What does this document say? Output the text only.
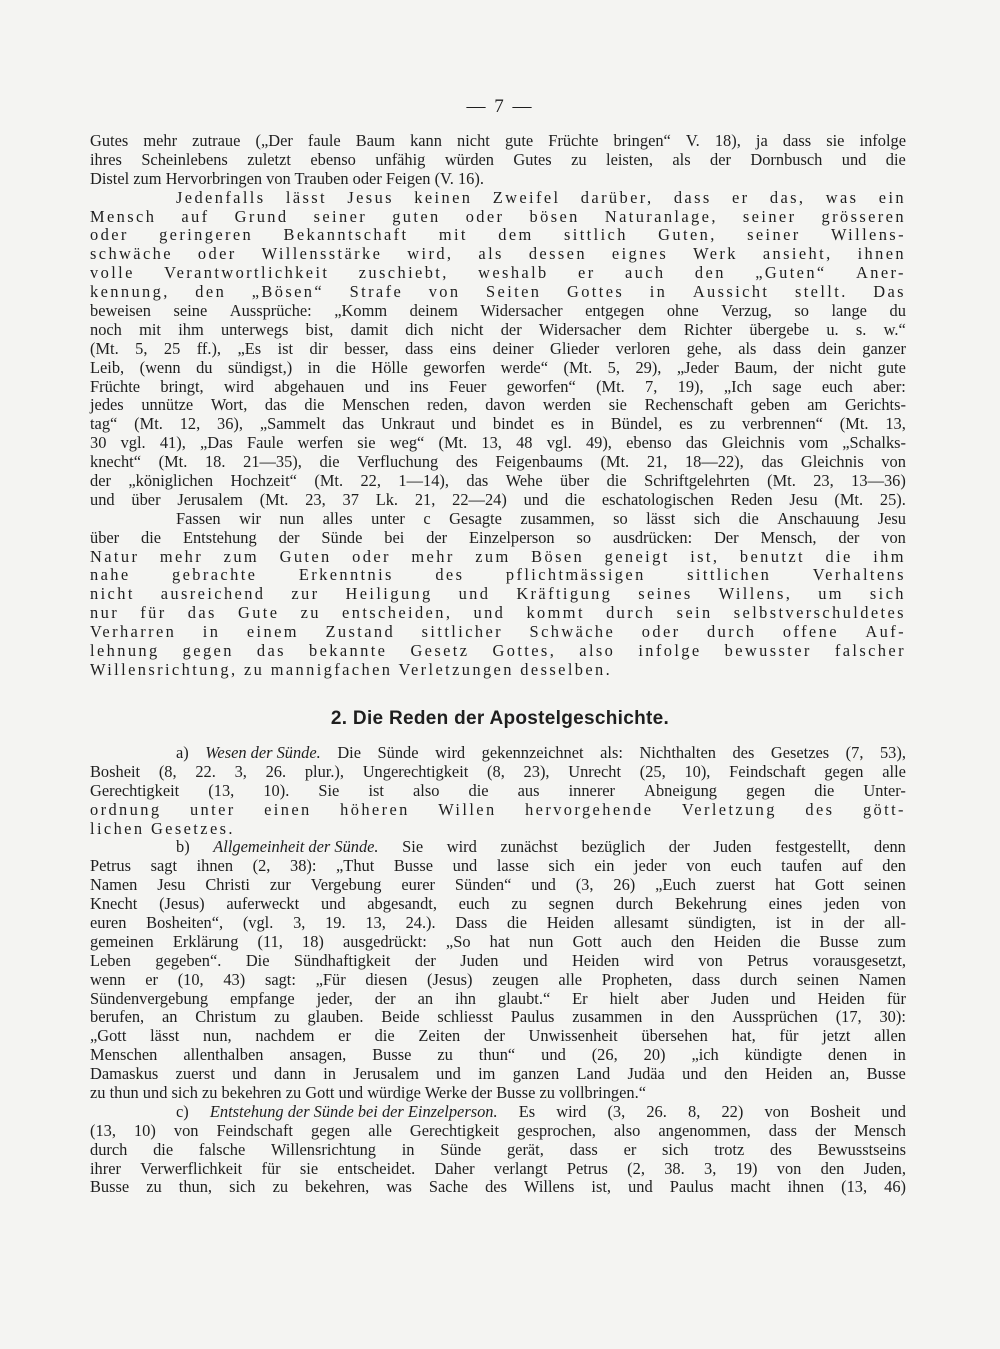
— 7 —
Gutes mehr zutraue („Der faule Baum kann nicht gute Früchte bringen“ V. 18), ja dass sie infolge
ihres Scheinlebens zuletzt ebenso unfähig würden Gutes zu leisten, als der Dornbusch und die
Distel zum Hervorbringen von Trauben oder Feigen (V. 16).
Jedenfalls lässt Jesus keinen Zweifel darüber, dass er das, was ein
Mensch auf Grund seiner guten oder bösen Naturanlage, seiner grösseren
oder geringeren Bekanntschaft mit dem sittlich Guten, seiner Willens-
schwäche oder Willensstärke wird, als dessen eignes Werk ansieht, ihnen
volle Verantwortlichkeit zuschiebt, weshalb er auch den „Guten“ Aner-
kennung, den „Bösen“ Strafe von Seiten Gottes in Aussicht stellt. Das
beweisen seine Aussprüche: „Komm deinem Widersacher entgegen ohne Verzug, so lange du
noch mit ihm unterwegs bist, damit dich nicht der Widersacher dem Richter übergebe u. s. w.“
(Mt. 5, 25 ff.), „Es ist dir besser, dass eins deiner Glieder verloren gehe, als dass dein ganzer
Leib, (wenn du sündigst,) in die Hölle geworfen werde“ (Mt. 5, 29), „Jeder Baum, der nicht gute
Früchte bringt, wird abgehauen und ins Feuer geworfen“ (Mt. 7, 19), „Ich sage euch aber:
jedes unnütze Wort, das die Menschen reden, davon werden sie Rechenschaft geben am Gerichts-
tag“ (Mt. 12, 36), „Sammelt das Unkraut und bindet es in Bündel, es zu verbrennen“ (Mt. 13,
30 vgl. 41), „Das Faule werfen sie weg“ (Mt. 13, 48 vgl. 49), ebenso das Gleichnis vom „Schalks-
knecht“ (Mt. 18. 21—35), die Verfluchung des Feigenbaums (Mt. 21, 18—22), das Gleichnis von
der „königlichen Hochzeit“ (Mt. 22, 1—14), das Wehe über die Schriftgelehrten (Mt. 23, 13—36)
und über Jerusalem (Mt. 23, 37 Lk. 21, 22—24) und die eschatologischen Reden Jesu (Mt. 25).
Fassen wir nun alles unter c Gesagte zusammen, so lässt sich die Anschauung Jesu
über die Entstehung der Sünde bei der Einzelperson so ausdrücken: Der Mensch, der von
Natur mehr zum Guten oder mehr zum Bösen geneigt ist, benutzt die ihm
nahe	gebrachte	Erkenntnis	des	pflichtmässigen	sittlichen	Verhaltens
nicht ausreichend zur Heiligung und Kräftigung seines Willens, um sich
nur für das Gute zu entscheiden, und kommt durch sein selbstverschuldetes
Verharren in einem Zustand sittlicher Schwäche oder durch offene Auf-
lehnung gegen das bekannte Gesetz Gottes, also infolge bewusster falscher
Willensrichtung, zu mannigfachen Verletzungen desselben.
2. Die Reden der Apostelgeschichte.
a) Wesen der Sünde. Die Sünde wird gekennzeichnet als: Nichthalten des Gesetzes (7, 53),
Bosheit (8, 22. 3, 26. plur.), Ungerechtigkeit (8, 23), Unrecht (25, 10), Feindschaft gegen alle
Gerechtigkeit (13, 10). Sie ist also die aus innerer Abneigung gegen die Unter-
ordnung unter einen höheren Willen hervorgehende Verletzung des gött-
lichen Gesetzes.
b) Allgemeinheit der Sünde. Sie wird zunächst bezüglich der Juden festgestellt, denn
Petrus sagt ihnen (2, 38): „Thut Busse und lasse sich ein jeder von euch taufen auf den
Namen Jesu Christi zur Vergebung eurer Sünden“ und (3, 26) „Euch zuerst hat Gott seinen
Knecht (Jesus) auferweckt und abgesandt, euch zu segnen durch Bekehrung eines jeden von
euren Bosheiten“, (vgl. 3, 19. 13, 24.). Dass die Heiden allesamt sündigten, ist in der all-
gemeinen Erklärung (11, 18) ausgedrückt: „So hat nun Gott auch den Heiden die Busse zum
Leben gegeben“. Die Sündhaftigkeit der Juden und Heiden wird von Petrus vorausgesetzt,
wenn er (10, 43) sagt: „Für diesen (Jesus) zeugen alle Propheten, dass durch seinen Namen
Sündenvergebung empfange jeder, der an ihn glaubt.“ Er hielt aber Juden und Heiden für
berufen, an Christum zu glauben. Beide schliesst Paulus zusammen in den Aussprüchen (17, 30):
„Gott lässt nun, nachdem er die Zeiten der Unwissenheit übersehen hat, für jetzt allen
Menschen allenthalben ansagen, Busse zu thun“ und (26, 20) „ich kündigte denen in
Damaskus zuerst und dann in Jerusalem und im ganzen Land Judäa und den Heiden an, Busse
zu thun und sich zu bekehren zu Gott und würdige Werke der Busse zu vollbringen.“
c) Entstehung der Sünde bei der Einzelperson. Es wird (3, 26. 8, 22) von Bosheit und
(13, 10) von Feindschaft gegen alle Gerechtigkeit gesprochen, also angenommen, dass der Mensch
durch die falsche Willensrichtung in Sünde gerät, dass er sich trotz des Bewusstseins
ihrer Verwerflichkeit für sie entscheidet. Daher verlangt Petrus (2, 38. 3, 19) von den Juden,
Busse zu thun, sich zu bekehren, was Sache des Willens ist, und Paulus macht ihnen (13, 46)
